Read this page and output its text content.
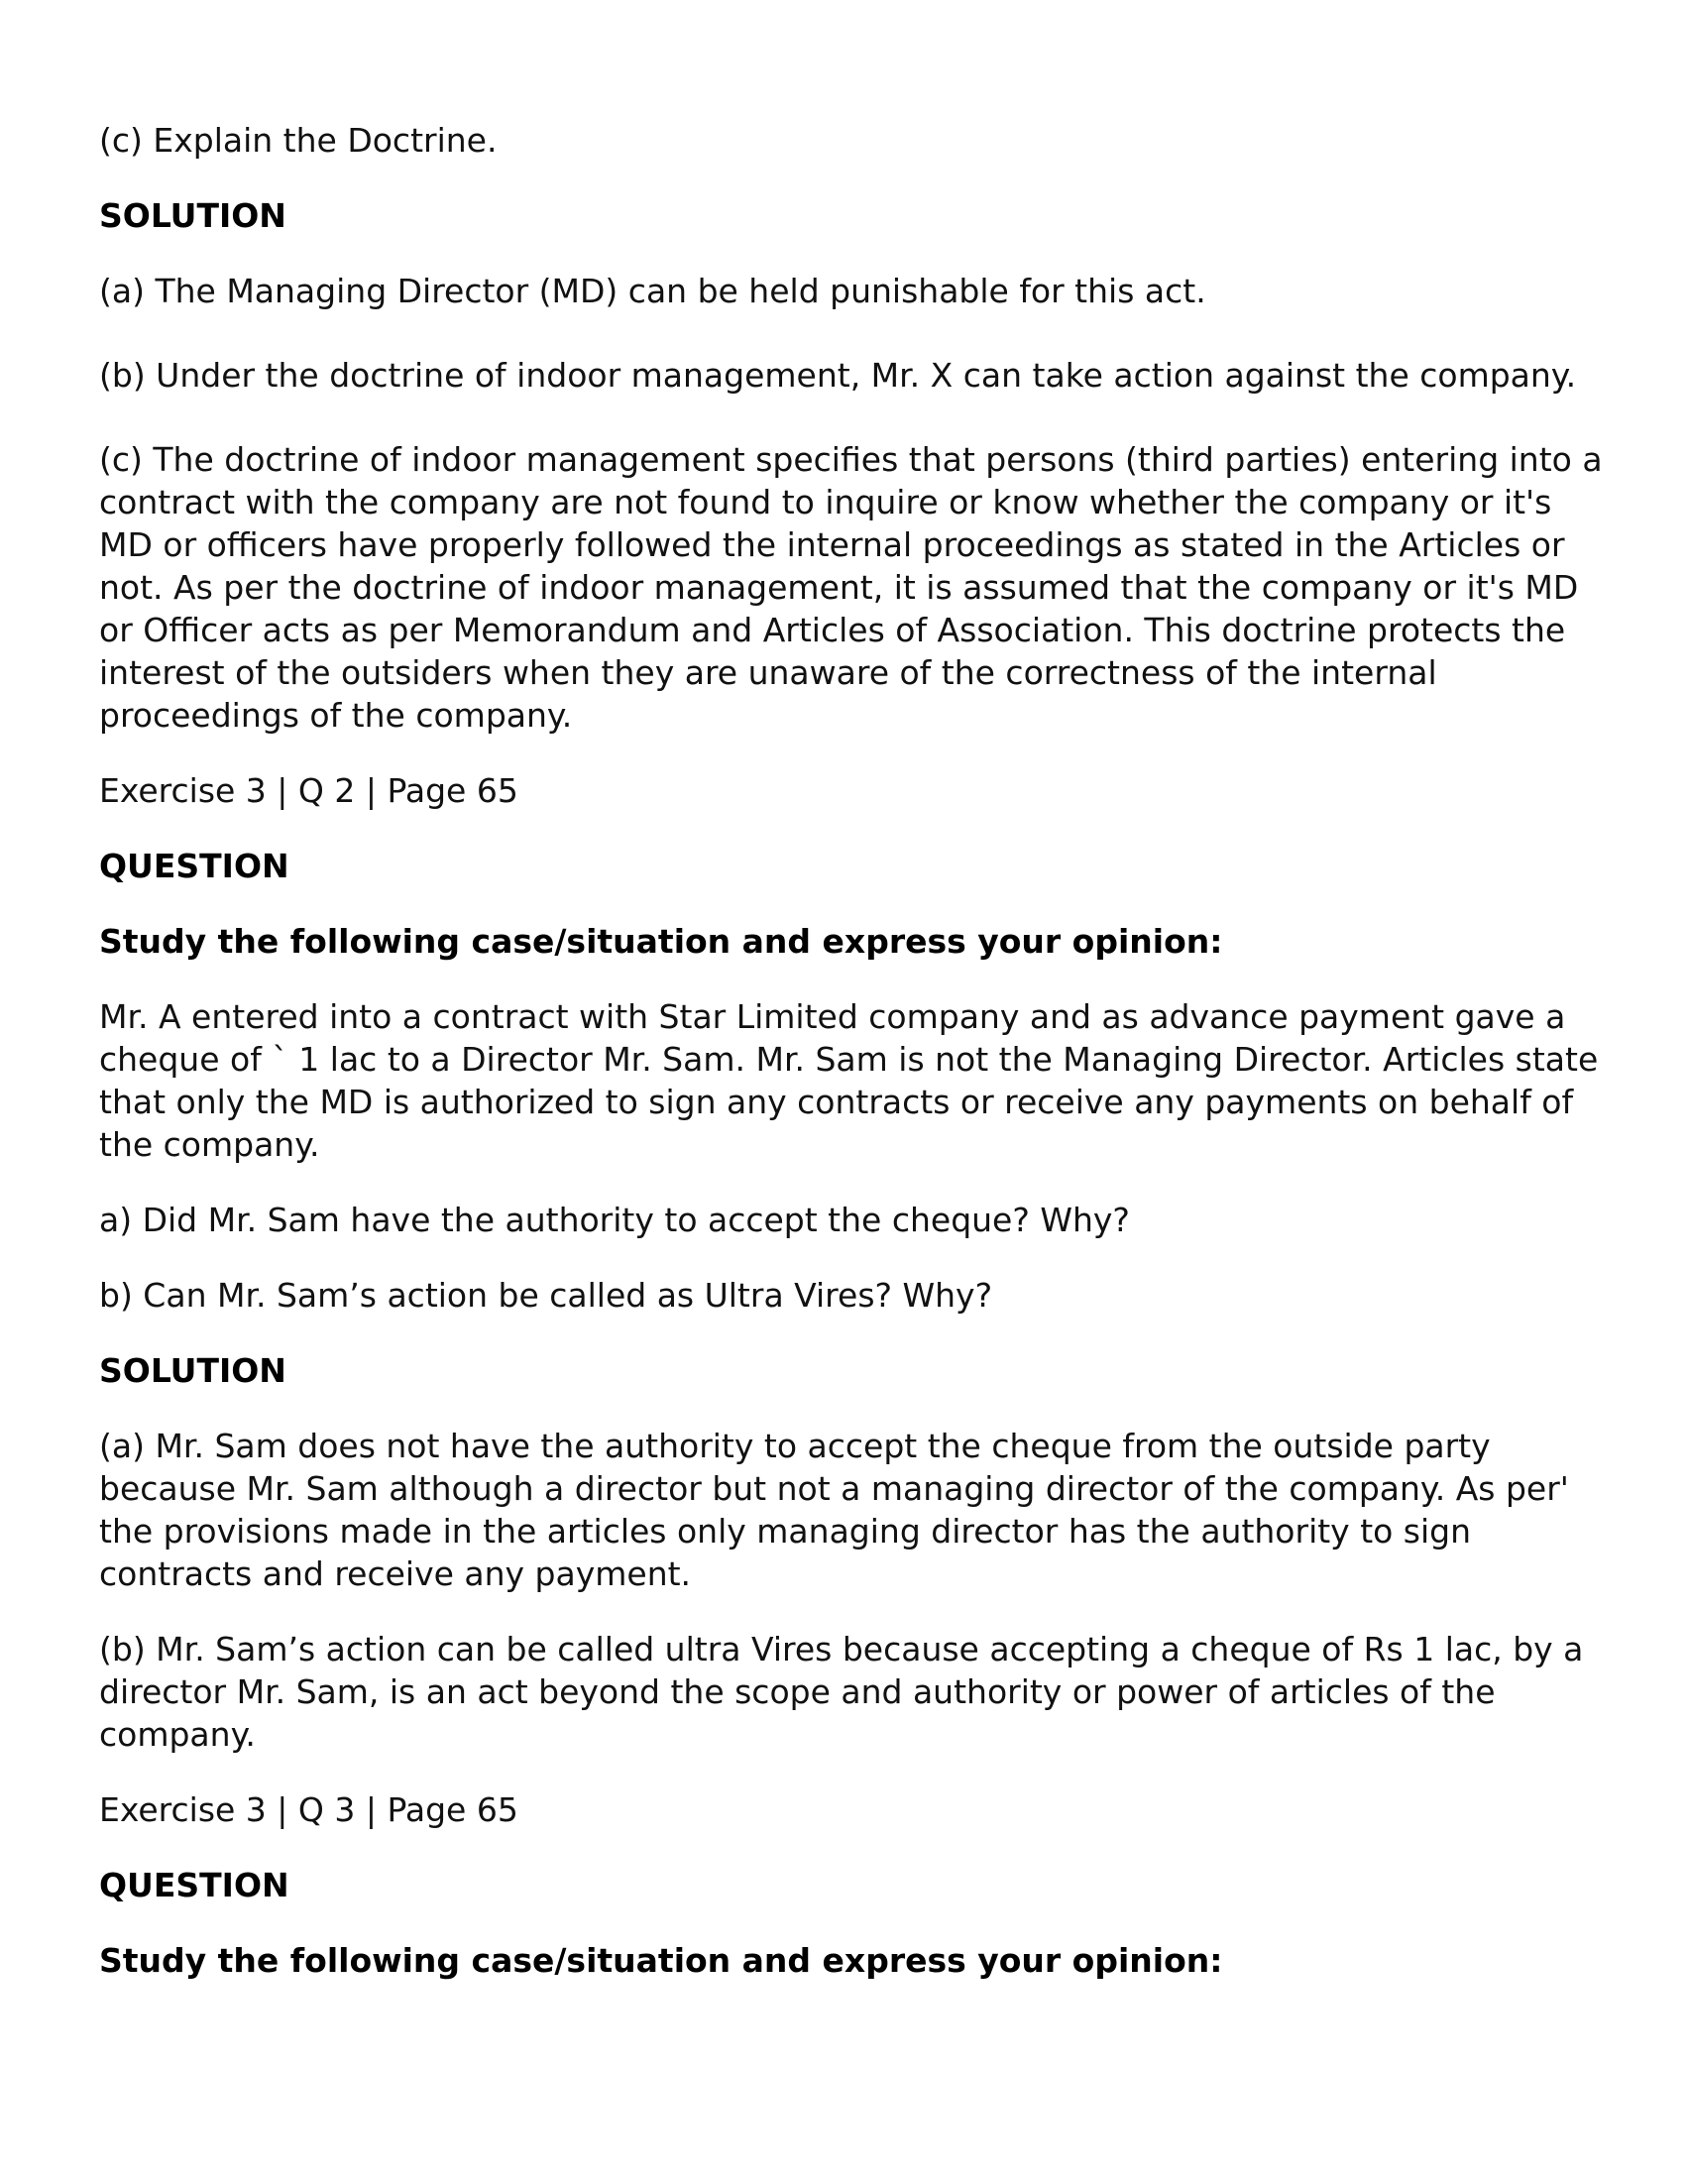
(c) Explain the Doctrine.

SOLUTION

(a) The Managing Director (MD) can be held punishable for this act.

(b) Under the doctrine of indoor management, Mr. X can take action against the company.

(c) The doctrine of indoor management specifies that persons (third parties) entering into a contract with the company are not found to inquire or know whether the company or it's MD or officers have properly followed the internal proceedings as stated in the Articles or not. As per the doctrine of indoor management, it is assumed that the company or it's MD or Officer acts as per Memorandum and Articles of Association. This doctrine protects the interest of the outsiders when they are unaware of the correctness of the internal proceedings of the company.

Exercise 3 | Q 2 | Page 65

QUESTION

Study the following case/situation and express your opinion:

Mr. A entered into a contract with Star Limited company and as advance payment gave a cheque of ` 1 lac to a Director Mr. Sam. Mr. Sam is not the Managing Director. Articles state that only the MD is authorized to sign any contracts or receive any payments on behalf of the company.

a) Did Mr. Sam have the authority to accept the cheque? Why?

b) Can Mr. Sam’s action be called as Ultra Vires? Why?

SOLUTION

(a) Mr. Sam does not have the authority to accept the cheque from the outside party because Mr. Sam although a director but not a managing director of the company. As per' the provisions made in the articles only managing director has the authority to sign contracts and receive any payment.

(b) Mr. Sam’s action can be called ultra Vires because accepting a cheque of Rs 1 lac, by a director Mr. Sam, is an act beyond the scope and authority or power of articles of the company.

Exercise 3 | Q 3 | Page 65

QUESTION

Study the following case/situation and express your opinion:
